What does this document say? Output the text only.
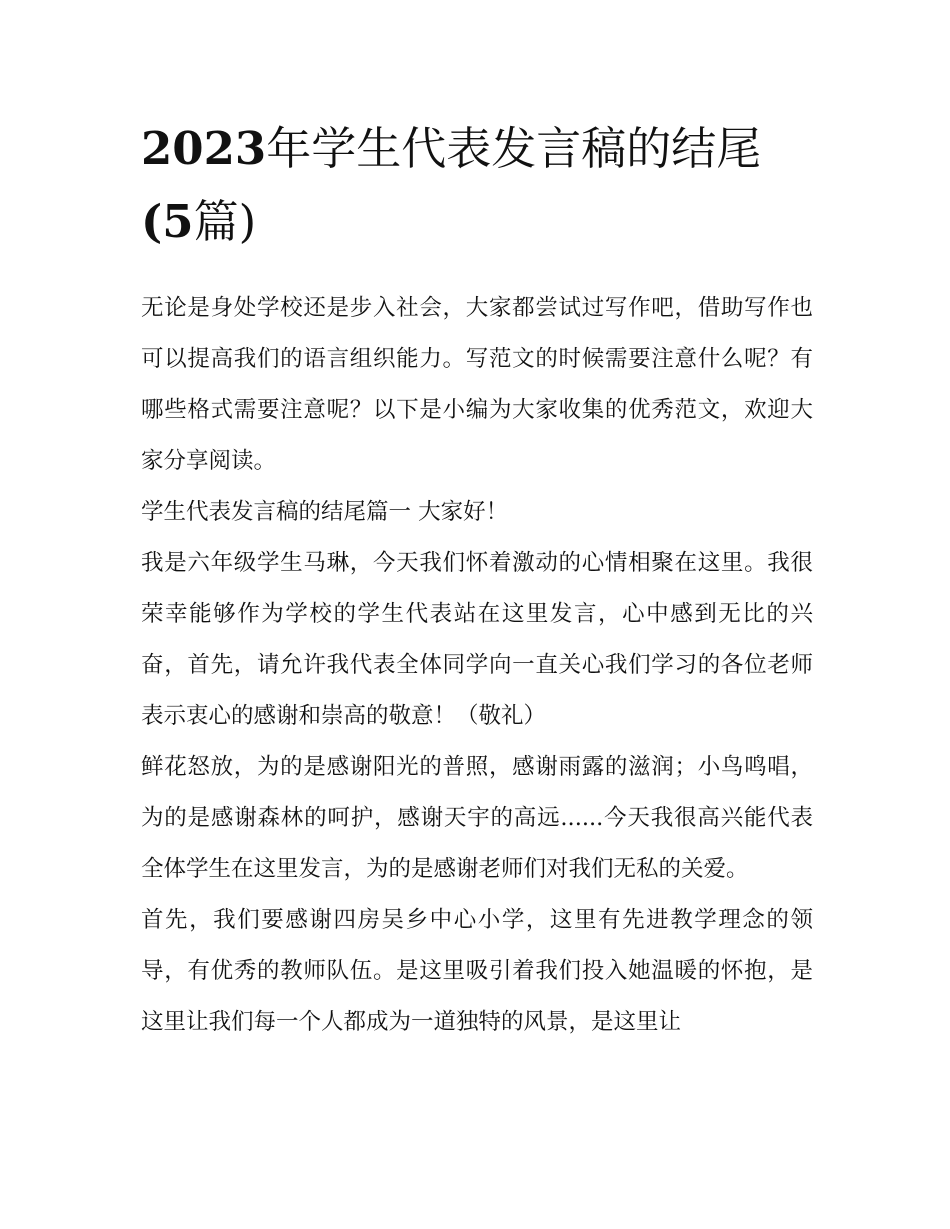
2023年学生代表发言稿的结尾
(5篇)

无论是身处学校还是步入社会，大家都尝试过写作吧，借助写作也可以提高我们的语言组织能力。写范文的时候需要注意什么呢？有哪些格式需要注意呢？以下是小编为大家收集的优秀范文，欢迎大家分享阅读。

学生代表发言稿的结尾篇一 大家好！

我是六年级学生马琳，今天我们怀着激动的心情相聚在这里。我很荣幸能够作为学校的学生代表站在这里发言，心中感到无比的兴奋，首先，请允许我代表全体同学向一直关心我们学习的各位老师表示衷心的感谢和崇高的敬意！（敬礼）

鲜花怒放，为的是感谢阳光的普照，感谢雨露的滋润；小鸟鸣唱，为的是感谢森林的呵护，感谢天宇的高远......今天我很高兴能代表全体学生在这里发言，为的是感谢老师们对我们无私的关爱。

首先，我们要感谢四房吴乡中心小学，这里有先进教学理念的领导，有优秀的教师队伍。是这里吸引着我们投入她温暖的怀抱，是这里让我们每一个人都成为一道独特的风景，是这里让
